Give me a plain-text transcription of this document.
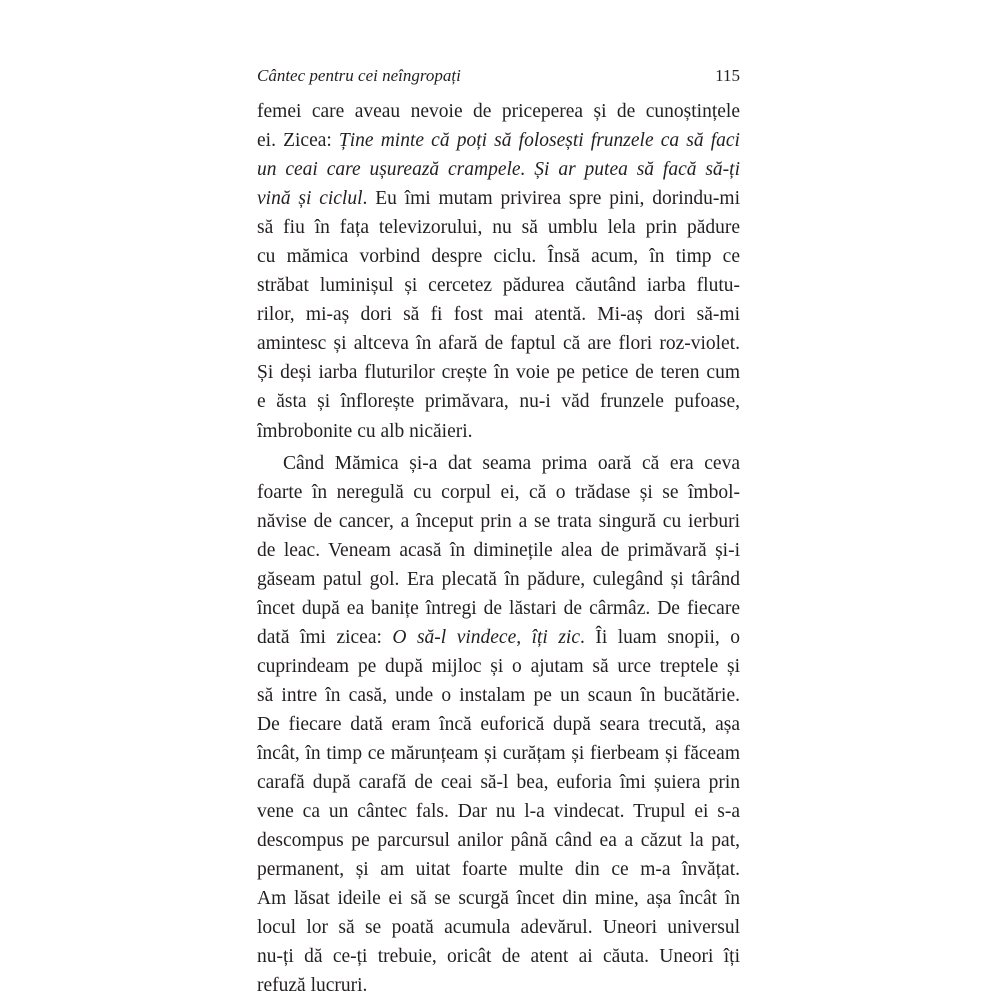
Cântec pentru cei neîngropați	115
femei care aveau nevoie de priceperea și de cunoștințele
ei. Zicea: Ține minte că poți să folosești frunzele ca să faci
un ceai care ușurează crampele. Și ar putea să facă să-ți
vină și ciclul. Eu îmi mutam privirea spre pini, dorindu-mi
să fiu în fața televizorului, nu să umblu lela prin pădure
cu mămica vorbind despre ciclu. Însă acum, în timp ce
străbat luminișul și cercetez pădurea căutând iarba flutu-
rilor, mi-aș dori să fi fost mai atentă. Mi-aș dori să-mi
amintesc și altceva în afară de faptul că are flori roz-violet.
Și deși iarba fluturilor crește în voie pe petice de teren cum
e ăsta și înflorește primăvara, nu-i văd frunzele pufoase,
îmbrobonite cu alb nicăieri.
Când Mămica și-a dat seama prima oară că era ceva
foarte în neregulă cu corpul ei, că o trădase și se îmbol-
năvise de cancer, a început prin a se trata singură cu ierburi
de leac. Veneam acasă în diminețile alea de primăvară și-i
găseam patul gol. Era plecată în pădure, culegând și târând
încet după ea banițe întregi de lăstari de cârmâz. De fiecare
dată îmi zicea: O să-l vindece, îți zic. Îi luam snopii, o
cuprindeam pe după mijloc și o ajutam să urce treptele și
să intre în casă, unde o instalam pe un scaun în bucătărie.
De fiecare dată eram încă euforică după seara trecută, așa
încât, în timp ce mărunțeam și curățam și fierbeam și făceam
carafă după carafă de ceai să-l bea, euforia îmi șuiera prin
vene ca un cântec fals. Dar nu l-a vindecat. Trupul ei s-a
descompus pe parcursul anilor până când ea a căzut la pat,
permanent, și am uitat foarte multe din ce m-a învățat.
Am lăsat ideile ei să se scurgă încet din mine, așa încât în
locul lor să se poată acumula adevărul. Uneori universul
nu-ți dă ce-ți trebuie, oricât de atent ai căuta. Uneori îți
refuză lucruri.
